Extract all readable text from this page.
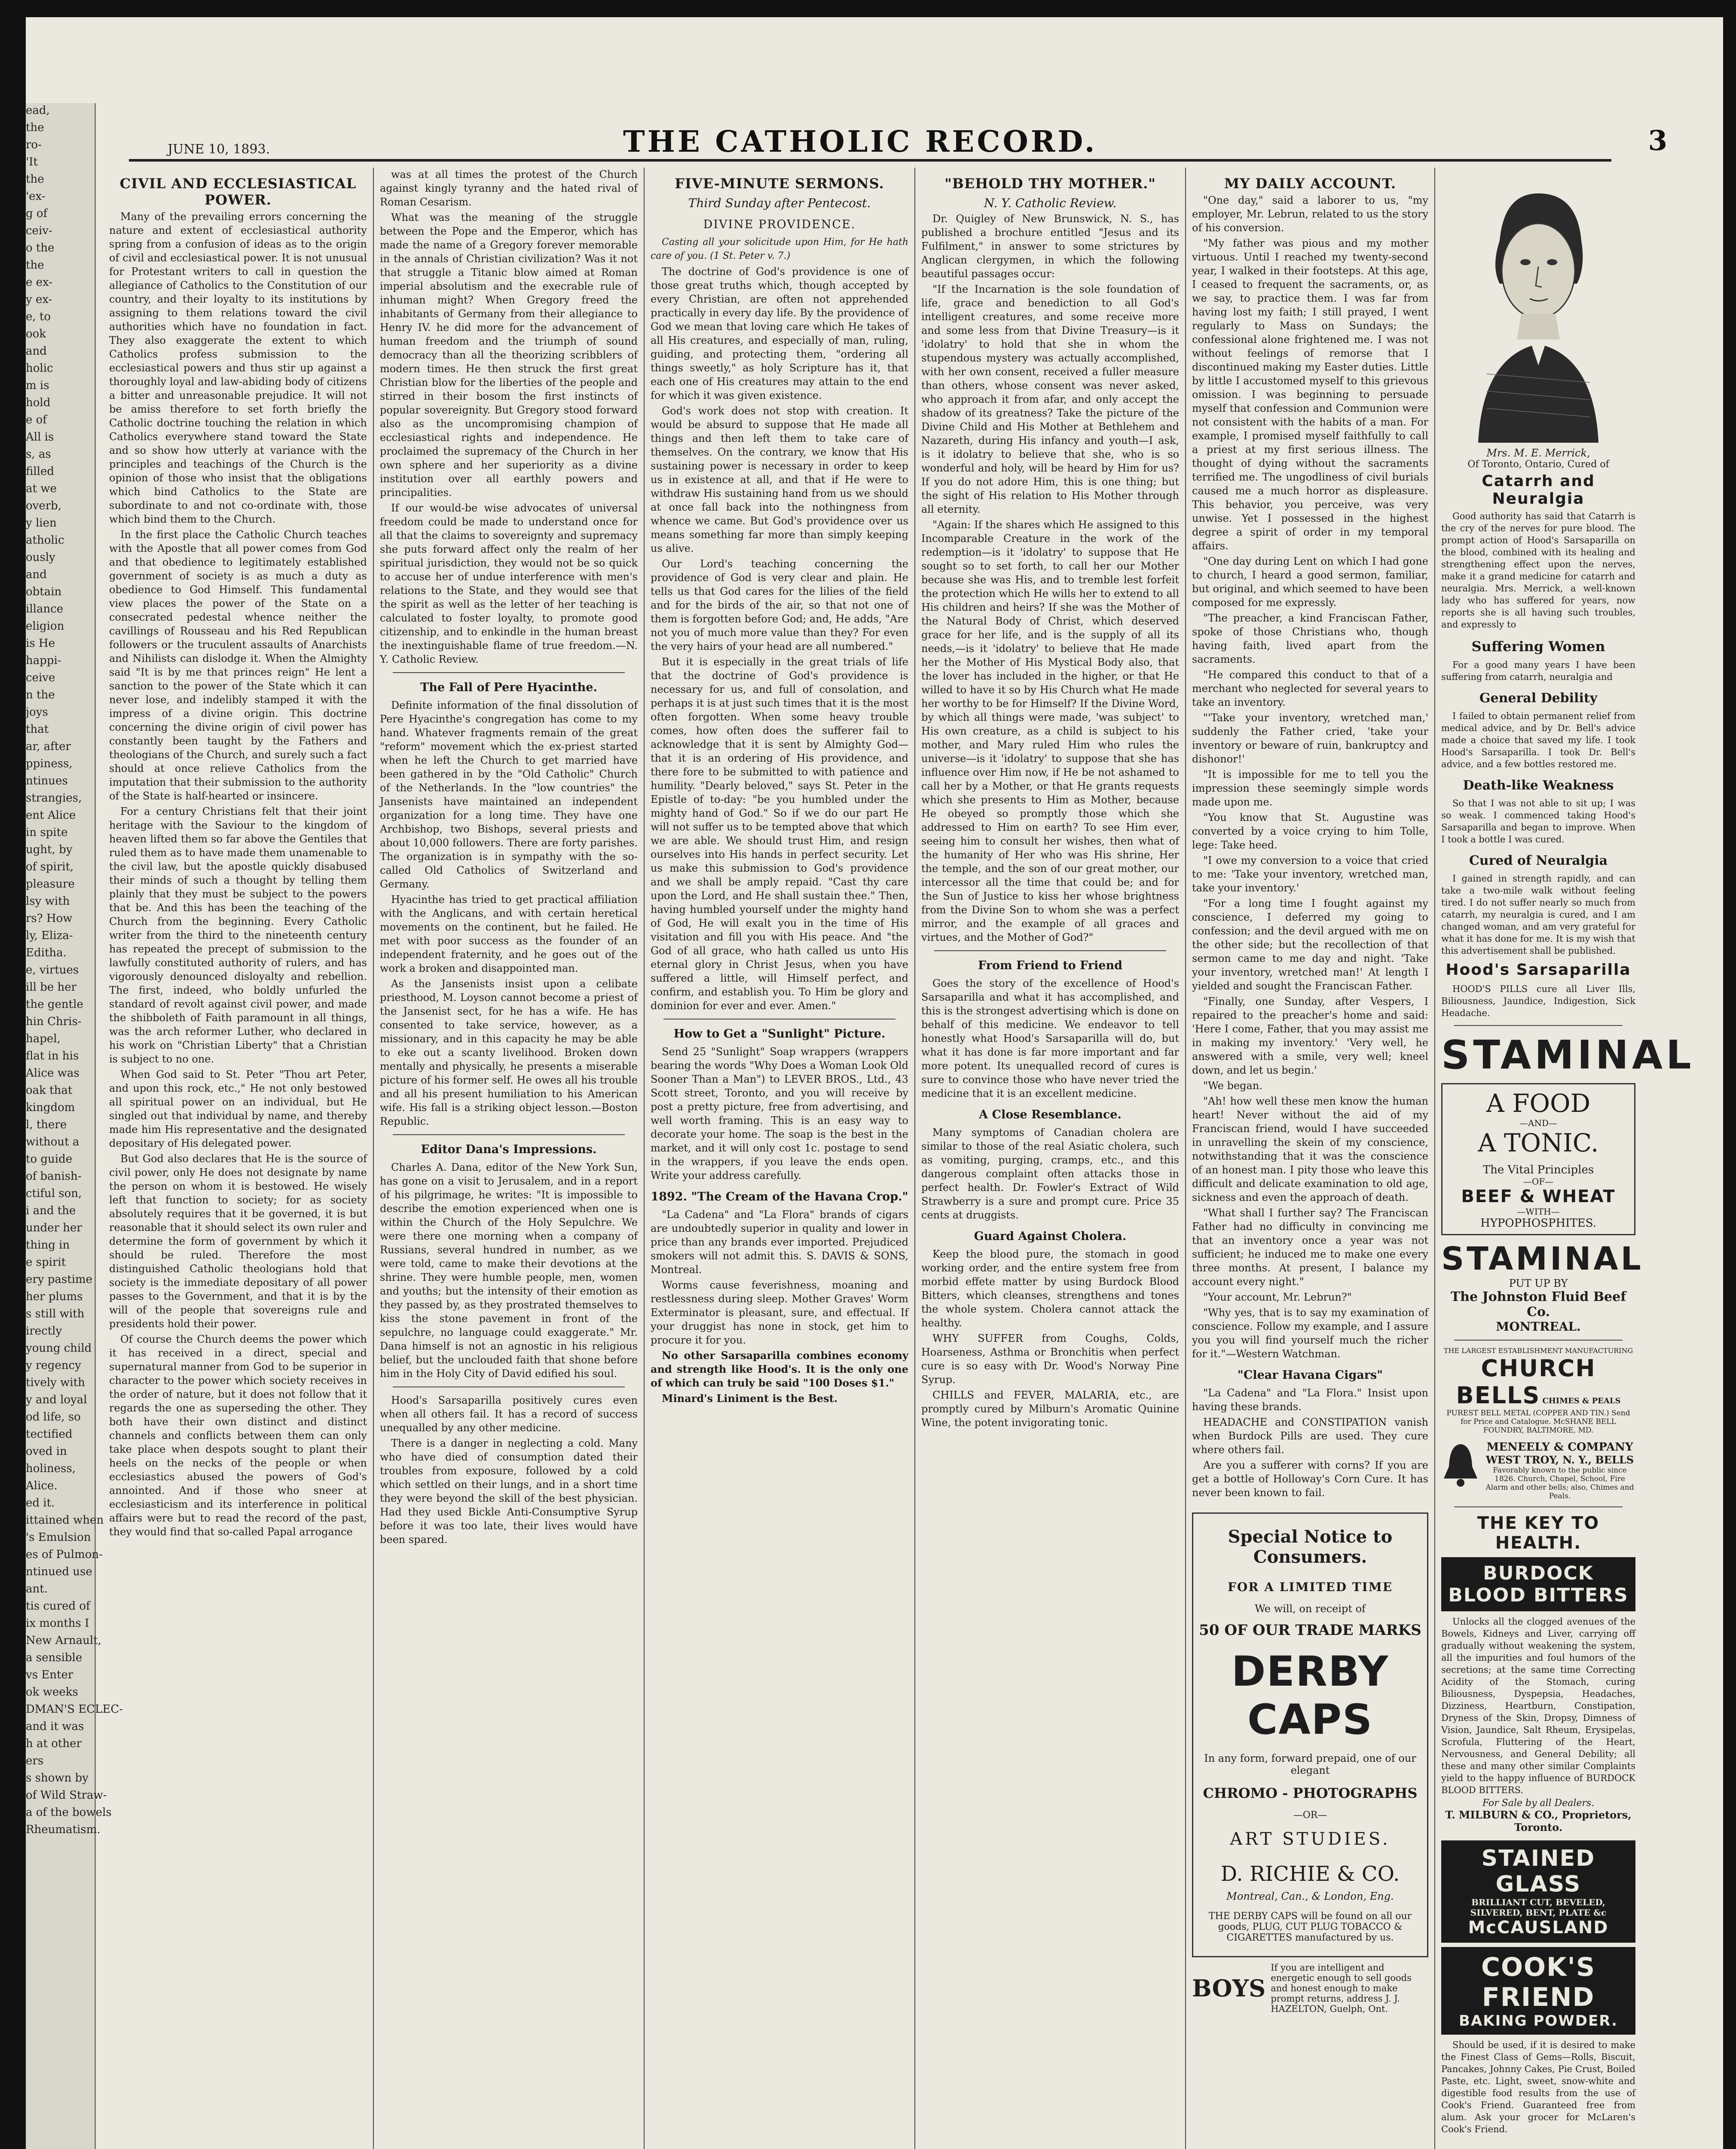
ead,

the

ro-

'It

the

'ex-

g of

ceiv-

o the

the

e ex-

y ex-

e, to

ook

and

holic

m is

hold

e of

All is

s, as

filled

at we

overb,

y lien

atholic

ously

and

obtain

illance

eligion

is He

happi-

ceive

n the

joys

that

ar, after

ppiness,

ntinues

strangies,

ent Alice

in spite

ught, by

of spirit,

pleasure

lsy with

rs? How

ly, Eliza-

Editha.

e, virtues

ill be her

the gentle

hin Chris-

hapel,

flat in his

Alice was

oak that

kingdom

l, there

without a

to guide

of banish-

ctiful son,

i and the

under her

thing in

e spirit

ery pastime

her plums

s still with

irectly

young child

y regency

tively with

y and loyal

od life, so

tectified

oved in

holiness,

Alice.

ed it.

ittained when

's Emulsion

es of Pulmon-

ntinued use

ant.

tis cured of

ix months I

New Arnault,

a sensible

vs Enter

ok weeks

DMAN'S ECLEC-

and it was

h at other

ers

s shown by

of Wild Straw-

a of the bowels

Rheumatism.

JUNE 10, 1893.	THE CATHOLIC RECORD.	3
CIVIL AND ECCLESIASTICAL POWER.

Many of the prevailing errors concerning the nature and extent of ecclesiastical authority spring from a confusion of ideas as to the origin of civil and ecclesiastical power. It is not unusual for Protestant writers to call in question the allegiance of Catholics to the Constitution of our country, and their loyalty to its institutions by assigning to them relations toward the civil authorities which have no foundation in fact. They also exaggerate the extent to which Catholics profess submission to the ecclesiastical powers and thus stir up against a thoroughly loyal and law-abiding body of citizens a bitter and unreasonable prejudice. It will not be amiss therefore to set forth briefly the Catholic doctrine touching the relation in which Catholics everywhere stand toward the State and so show how utterly at variance with the principles and teachings of the Church is the opinion of those who insist that the obligations which bind Catholics to the State are subordinate to and not co-ordinate with, those which bind them to the Church.

In the first place the Catholic Church teaches with the Apostle that all power comes from God and that obedience to legitimately established government of society is as much a duty as obedience to God Himself. This fundamental view places the power of the State on a consecrated pedestal whence neither the cavillings of Rousseau and his Red Republican followers or the truculent assaults of Anarchists and Nihilists can dislodge it. When the Almighty said "It is by me that princes reign" He lent a sanction to the power of the State which it can never lose, and indelibly stamped it with the impress of a divine origin. This doctrine concerning the divine origin of civil power has constantly been taught by the Fathers and theologians of the Church, and surely such a fact should at once relieve Catholics from the imputation that their submission to the authority of the State is half-hearted or insincere.

For a century Christians felt that their joint heritage with the Saviour to the kingdom of heaven lifted them so far above the Gentiles that ruled them as to have made them unamenable to the civil law, but the apostle quickly disabused their minds of such a thought by telling them plainly that they must be subject to the powers that be. And this has been the teaching of the Church from the beginning. Every Catholic writer from the third to the nineteenth century has repeated the precept of submission to the lawfully constituted authority of rulers, and has vigorously denounced disloyalty and rebellion. The first, indeed, who boldly unfurled the standard of revolt against civil power, and made the shibboleth of Faith paramount in all things, was the arch reformer Luther, who declared in his work on "Christian Liberty" that a Christian is subject to no one.

When God said to St. Peter "Thou art Peter, and upon this rock, etc.," He not only bestowed all spiritual power on an individual, but He singled out that individual by name, and thereby made him His representative and the designated depositary of His delegated power.

But God also declares that He is the source of civil power, only He does not designate by name the person on whom it is bestowed. He wisely left that function to society; for as society absolutely requires that it be governed, it is but reasonable that it should select its own ruler and determine the form of government by which it should be ruled. Therefore the most distinguished Catholic theologians hold that society is the immediate depositary of all power passes to the Government, and that it is by the will of the people that sovereigns rule and presidents hold their power.

Of course the Church deems the power which it has received in a direct, special and supernatural manner from God to be superior in character to the power which society receives in the order of nature, but it does not follow that it regards the one as superseding the other. They both have their own distinct and distinct channels and conflicts between them can only take place when despots sought to plant their heels on the necks of the people or when ecclesiastics abused the powers of God's annointed. And if those who sneer at ecclesiasticism and its interference in political affairs were but to read the record of the past, they would find that so-called Papal arrogance

was at all times the protest of the Church against kingly tyranny and the hated rival of Roman Cesarism.

What was the meaning of the struggle between the Pope and the Emperor, which has made the name of a Gregory forever memorable in the annals of Christian civilization? Was it not that struggle a Titanic blow aimed at Roman imperial absolutism and the execrable rule of inhuman might? When Gregory freed the inhabitants of Germany from their allegiance to Henry IV. he did more for the advancement of human freedom and the triumph of sound democracy than all the theorizing scribblers of modern times. He then struck the first great Christian blow for the liberties of the people and stirred in their bosom the first instincts of popular sovereignity. But Gregory stood forward also as the uncompromising champion of ecclesiastical rights and independence. He proclaimed the supremacy of the Church in her own sphere and her superiority as a divine institution over all earthly powers and principalities.

If our would-be wise advocates of universal freedom could be made to understand once for all that the claims to sovereignty and supremacy she puts forward affect only the realm of her spiritual jurisdiction, they would not be so quick to accuse her of undue interference with men's relations to the State, and they would see that the spirit as well as the letter of her teaching is calculated to foster loyalty, to promote good citizenship, and to enkindle in the human breast the inextinguishable flame of true freedom.—N. Y. Catholic Review.

The Fall of Pere Hyacinthe.

Definite information of the final dissolution of Pere Hyacinthe's congregation has come to my hand. Whatever fragments remain of the great "reform" movement which the ex-priest started when he left the Church to get married have been gathered in by the "Old Catholic" Church of the Netherlands. In the "low countries" the Jansenists have maintained an independent organization for a long time. They have one Archbishop, two Bishops, several priests and about 10,000 followers. There are forty parishes. The organization is in sympathy with the so-called Old Catholics of Switzerland and Germany.

Hyacinthe has tried to get practical affiliation with the Anglicans, and with certain heretical movements on the continent, but he failed. He met with poor success as the founder of an independent fraternity, and he goes out of the work a broken and disappointed man.

As the Jansenists insist upon a celibate priesthood, M. Loyson cannot become a priest of the Jansenist sect, for he has a wife. He has consented to take service, however, as a missionary, and in this capacity he may be able to eke out a scanty livelihood. Broken down mentally and physically, he presents a miserable picture of his former self. He owes all his trouble and all his present humiliation to his American wife. His fall is a striking object lesson.—Boston Republic.

Editor Dana's Impressions.

Charles A. Dana, editor of the New York Sun, has gone on a visit to Jerusalem, and in a report of his pilgrimage, he writes: "It is impossible to describe the emotion experienced when one is within the Church of the Holy Sepulchre. We were there one morning when a company of Russians, several hundred in number, as we were told, came to make their devotions at the shrine. They were humble people, men, women and youths; but the intensity of their emotion as they passed by, as they prostrated themselves to kiss the stone pavement in front of the sepulchre, no language could exaggerate." Mr. Dana himself is not an agnostic in his religious belief, but the unclouded faith that shone before him in the Holy City of David edified his soul.

Hood's Sarsaparilla positively cures even when all others fail. It has a record of success unequalled by any other medicine.

There is a danger in neglecting a cold. Many who have died of consumption dated their troubles from exposure, followed by a cold which settled on their lungs, and in a short time they were beyond the skill of the best physician. Had they used Bickle Anti-Consumptive Syrup before it was too late, their lives would have been spared.

FIVE-MINUTE SERMONS.
Third Sunday after Pentecost.
DIVINE PROVIDENCE.

Casting all your solicitude upon Him, for He hath care of you. (1 St. Peter v. 7.)

The doctrine of God's providence is one of those great truths which, though accepted by every Christian, are often not apprehended practically in every day life. By the providence of God we mean that loving care which He takes of all His creatures, and especially of man, ruling, guiding, and protecting them, "ordering all things sweetly," as holy Scripture has it, that each one of His creatures may attain to the end for which it was given existence.

God's work does not stop with creation. It would be absurd to suppose that He made all things and then left them to take care of themselves. On the contrary, we know that His sustaining power is necessary in order to keep us in existence at all, and that if He were to withdraw His sustaining hand from us we should at once fall back into the nothingness from whence we came. But God's providence over us means something far more than simply keeping us alive.

Our Lord's teaching concerning the providence of God is very clear and plain. He tells us that God cares for the lilies of the field and for the birds of the air, so that not one of them is forgotten before God; and, He adds, "Are not you of much more value than they? For even the very hairs of your head are all numbered."

But it is especially in the great trials of life that the doctrine of God's providence is necessary for us, and full of consolation, and perhaps it is at just such times that it is the most often forgotten. When some heavy trouble comes, how often does the sufferer fail to acknowledge that it is sent by Almighty God—that it is an ordering of His providence, and there fore to be submitted to with patience and humility. "Dearly beloved," says St. Peter in the Epistle of to-day: "be you humbled under the mighty hand of God." So if we do our part He will not suffer us to be tempted above that which we are able. We should trust Him, and resign ourselves into His hands in perfect security. Let us make this submission to God's providence and we shall be amply repaid. "Cast thy care upon the Lord, and He shall sustain thee." Then, having humbled yourself under the mighty hand of God, He will exalt you in the time of His visitation and fill you with His peace. And "the God of all grace, who hath called us unto His eternal glory in Christ Jesus, when you have suffered a little, will Himself perfect, and confirm, and establish you. To Him be glory and dominion for ever and ever. Amen."

How to Get a "Sunlight" Picture.

Send 25 "Sunlight" Soap wrappers (wrappers bearing the words "Why Does a Woman Look Old Sooner Than a Man") to LEVER BROS., Ltd., 43 Scott street, Toronto, and you will receive by post a pretty picture, free from advertising, and well worth framing. This is an easy way to decorate your home. The soap is the best in the market, and it will only cost 1c. postage to send in the wrappers, if you leave the ends open. Write your address carefully.

1892. "The Cream of the Havana Crop."

"La Cadena" and "La Flora" brands of cigars are undoubtedly superior in quality and lower in price than any brands ever imported. Prejudiced smokers will not admit this. S. DAVIS & SONS, Montreal.

Worms cause feverishness, moaning and restlessness during sleep. Mother Graves' Worm Exterminator is pleasant, sure, and effectual. If your druggist has none in stock, get him to procure it for you.

No other Sarsaparilla combines economy and strength like Hood's. It is the only one of which can truly be said "100 Doses $1."

Minard's Liniment is the Best.

"BEHOLD THY MOTHER."
N. Y. Catholic Review.

Dr. Quigley of New Brunswick, N. S., has published a brochure entitled "Jesus and its Fulfilment," in answer to some strictures by Anglican clergymen, in which the following beautiful passages occur:

"If the Incarnation is the sole foundation of life, grace and benediction to all God's intelligent creatures, and some receive more and some less from that Divine Treasury—is it 'idolatry' to hold that she in whom the stupendous mystery was actually accomplished, with her own consent, received a fuller measure than others, whose consent was never asked, who approach it from afar, and only accept the shadow of its greatness? Take the picture of the Divine Child and His Mother at Bethlehem and Nazareth, during His infancy and youth—I ask, is it idolatry to believe that she, who is so wonderful and holy, will be heard by Him for us? If you do not adore Him, this is one thing; but the sight of His relation to His Mother through all eternity.

"Again: If the shares which He assigned to this Incomparable Creature in the work of the redemption—is it 'idolatry' to suppose that He sought so to set forth, to call her our Mother because she was His, and to tremble lest forfeit the protection which He wills her to extend to all His children and heirs? If she was the Mother of the Natural Body of Christ, which deserved grace for her life, and is the supply of all its needs,—is it 'idolatry' to believe that He made her the Mother of His Mystical Body also, that the lover has included in the higher, or that He willed to have it so by His Church what He made her worthy to be for Himself? If the Divine Word, by which all things were made, 'was subject' to His own creature, as a child is subject to his mother, and Mary ruled Him who rules the universe—is it 'idolatry' to suppose that she has influence over Him now, if He be not ashamed to call her by a Mother, or that He grants requests which she presents to Him as Mother, because He obeyed so promptly those which she addressed to Him on earth? To see Him ever, seeing him to consult her wishes, then what of the humanity of Her who was His shrine, Her the temple, and the son of our great mother, our intercessor all the time that could be; and for the Sun of Justice to kiss her whose brightness from the Divine Son to whom she was a perfect mirror, and the example of all graces and virtues, and the Mother of God?"

From Friend to Friend

Goes the story of the excellence of Hood's Sarsaparilla and what it has accomplished, and this is the strongest advertising which is done on behalf of this medicine. We endeavor to tell honestly what Hood's Sarsaparilla will do, but what it has done is far more important and far more potent. Its unequalled record of cures is sure to convince those who have never tried the medicine that it is an excellent medicine.

A Close Resemblance.

Many symptoms of Canadian cholera are similar to those of the real Asiatic cholera, such as vomiting, purging, cramps, etc., and this dangerous complaint often attacks those in perfect health. Dr. Fowler's Extract of Wild Strawberry is a sure and prompt cure. Price 35 cents at druggists.

Guard Against Cholera.

Keep the blood pure, the stomach in good working order, and the entire system free from morbid effete matter by using Burdock Blood Bitters, which cleanses, strengthens and tones the whole system. Cholera cannot attack the healthy.

WHY SUFFER from Coughs, Colds, Hoarseness, Asthma or Bronchitis when perfect cure is so easy with Dr. Wood's Norway Pine Syrup.

CHILLS and FEVER, MALARIA, etc., are promptly cured by Milburn's Aromatic Quinine Wine, the potent invigorating tonic.

MY DAILY ACCOUNT.

"One day," said a laborer to us, "my employer, Mr. Lebrun, related to us the story of his conversion.

"My father was pious and my mother virtuous. Until I reached my twenty-second year, I walked in their footsteps. At this age, I ceased to frequent the sacraments, or, as we say, to practice them. I was far from having lost my faith; I still prayed, I went regularly to Mass on Sundays; the confessional alone frightened me. I was not without feelings of remorse that I discontinued making my Easter duties. Little by little I accustomed myself to this grievous omission. I was beginning to persuade myself that confession and Communion were not consistent with the habits of a man. For example, I promised myself faithfully to call a priest at my first serious illness. The thought of dying without the sacraments terrified me. The ungodliness of civil burials caused me a much horror as displeasure. This behavior, you perceive, was very unwise. Yet I possessed in the highest degree a spirit of order in my temporal affairs.

"One day during Lent on which I had gone to church, I heard a good sermon, familiar, but original, and which seemed to have been composed for me expressly.

"The preacher, a kind Franciscan Father, spoke of those Christians who, though having faith, lived apart from the sacraments.

"He compared this conduct to that of a merchant who neglected for several years to take an inventory.

"'Take your inventory, wretched man,' suddenly the Father cried, 'take your inventory or beware of ruin, bankruptcy and dishonor!'

"It is impossible for me to tell you the impression these seemingly simple words made upon me.

"You know that St. Augustine was converted by a voice crying to him Tolle, lege: Take heed.

"I owe my conversion to a voice that cried to me: 'Take your inventory, wretched man, take your inventory.'

"For a long time I fought against my conscience, I deferred my going to confession; and the devil argued with me on the other side; but the recollection of that sermon came to me day and night. 'Take your inventory, wretched man!' At length I yielded and sought the Franciscan Father.

"Finally, one Sunday, after Vespers, I repaired to the preacher's home and said: 'Here I come, Father, that you may assist me in making my inventory.' 'Very well, he answered with a smile, very well; kneel down, and let us begin.'

"We began.

"Ah! how well these men know the human heart! Never without the aid of my Franciscan friend, would I have succeeded in unravelling the skein of my conscience, notwithstanding that it was the conscience of an honest man. I pity those who leave this difficult and delicate examination to old age, sickness and even the approach of death.

"What shall I further say? The Franciscan Father had no difficulty in convincing me that an inventory once a year was not sufficient; he induced me to make one every three months. At present, I balance my account every night."

"Your account, Mr. Lebrun?"

"Why yes, that is to say my examination of conscience. Follow my example, and I assure you you will find yourself much the richer for it."—Western Watchman.

"Clear Havana Cigars"

"La Cadena" and "La Flora." Insist upon having these brands.

HEADACHE and CONSTIPATION vanish when Burdock Pills are used. They cure where others fail.

Are you a sufferer with corns? If you are get a bottle of Holloway's Corn Cure. It has never been known to fail.

Special Notice to Consumers.
FOR A LIMITED TIME
We will, on receipt of
50 OF OUR TRADE MARKS
DERBY CAPS
In any form, forward prepaid, one of our elegant
CHROMO - PHOTOGRAPHS
—OR—
ART STUDIES.
D. RICHIE & CO.
Montreal, Can., & London, Eng.
THE DERBY CAPS will be found on all our goods, PLUG, CUT PLUG TOBACCO & CIGARETTES manufactured by us.
BOYS
If you are intelligent and energetic enough to sell goods and honest enough to make prompt returns, address J. J. HAZELTON, Guelph, Ont.
Mrs. M. E. Merrick,
Of Toronto, Ontario, Cured of
Catarrh and Neuralgia

Good authority has said that Catarrh is the cry of the nerves for pure blood. The prompt action of Hood's Sarsaparilla on the blood, combined with its healing and strengthening effect upon the nerves, make it a grand medicine for catarrh and neuralgia. Mrs. Merrick, a well-known lady who has suffered for years, now reports she is all having such troubles, and expressly to

Suffering Women

For a good many years I have been suffering from catarrh, neuralgia and

General Debility

I failed to obtain permanent relief from medical advice, and by Dr. Bell's advice made a choice that saved my life. I took Hood's Sarsaparilla. I took Dr. Bell's advice, and a few bottles restored me.

Death-like Weakness

So that I was not able to sit up; I was so weak. I commenced taking Hood's Sarsaparilla and began to improve. When I took a bottle I was cured.

Cured of Neuralgia

I gained in strength rapidly, and can take a two-mile walk without feeling tired. I do not suffer nearly so much from catarrh, my neuralgia is cured, and I am changed woman, and am very grateful for what it has done for me. It is my wish that this advertisement shall be published.

Hood's Sarsaparilla

HOOD'S PILLS cure all Liver Ills, Biliousness, Jaundice, Indigestion, Sick Headache.

STAMINAL
A FOOD
—AND—
A TONIC.
The Vital Principles
—OF—
BEEF & WHEAT
—WITH—
HYPOPHOSPHITES.
STAMINAL
PUT UP BY
The Johnston Fluid Beef Co.
MONTREAL.
THE LARGEST ESTABLISHMENT MANUFACTURING
CHURCH BELLS CHIMES & PEALS
PUREST BELL METAL (COPPER AND TIN.) Send for Price and Catalogue. McSHANE BELL FOUNDRY, BALTIMORE, MD.
MENEELY & COMPANY
WEST TROY, N. Y., BELLS
Favorably known to the public since 1826. Church, Chapel, School, Fire Alarm and other bells; also, Chimes and Peals.
THE KEY TO HEALTH.
BURDOCK BLOOD BITTERS

Unlocks all the clogged avenues of the Bowels, Kidneys and Liver, carrying off gradually without weakening the system, all the impurities and foul humors of the secretions; at the same time Correcting Acidity of the Stomach, curing Biliousness, Dyspepsia, Headaches, Dizziness, Heartburn, Constipation, Dryness of the Skin, Dropsy, Dimness of Vision, Jaundice, Salt Rheum, Erysipelas, Scrofula, Fluttering of the Heart, Nervousness, and General Debility; all these and many other similar Complaints yield to the happy influence of BURDOCK BLOOD BITTERS.

For Sale by all Dealers.
T. MILBURN & CO., Proprietors, Toronto.
STAINED GLASS
BRILLIANT CUT, BEVELED, SILVERED, BENT, PLATE &c
McCAUSLAND
COOK'S FRIEND
BAKING POWDER.

Should be used, if it is desired to make the Finest Class of Gems—Rolls, Biscuit, Pancakes, Johnny Cakes, Pie Crust, Boiled Paste, etc. Light, sweet, snow-white and digestible food results from the use of Cook's Friend. Guaranteed free from alum. Ask your grocer for McLaren's Cook's Friend.
